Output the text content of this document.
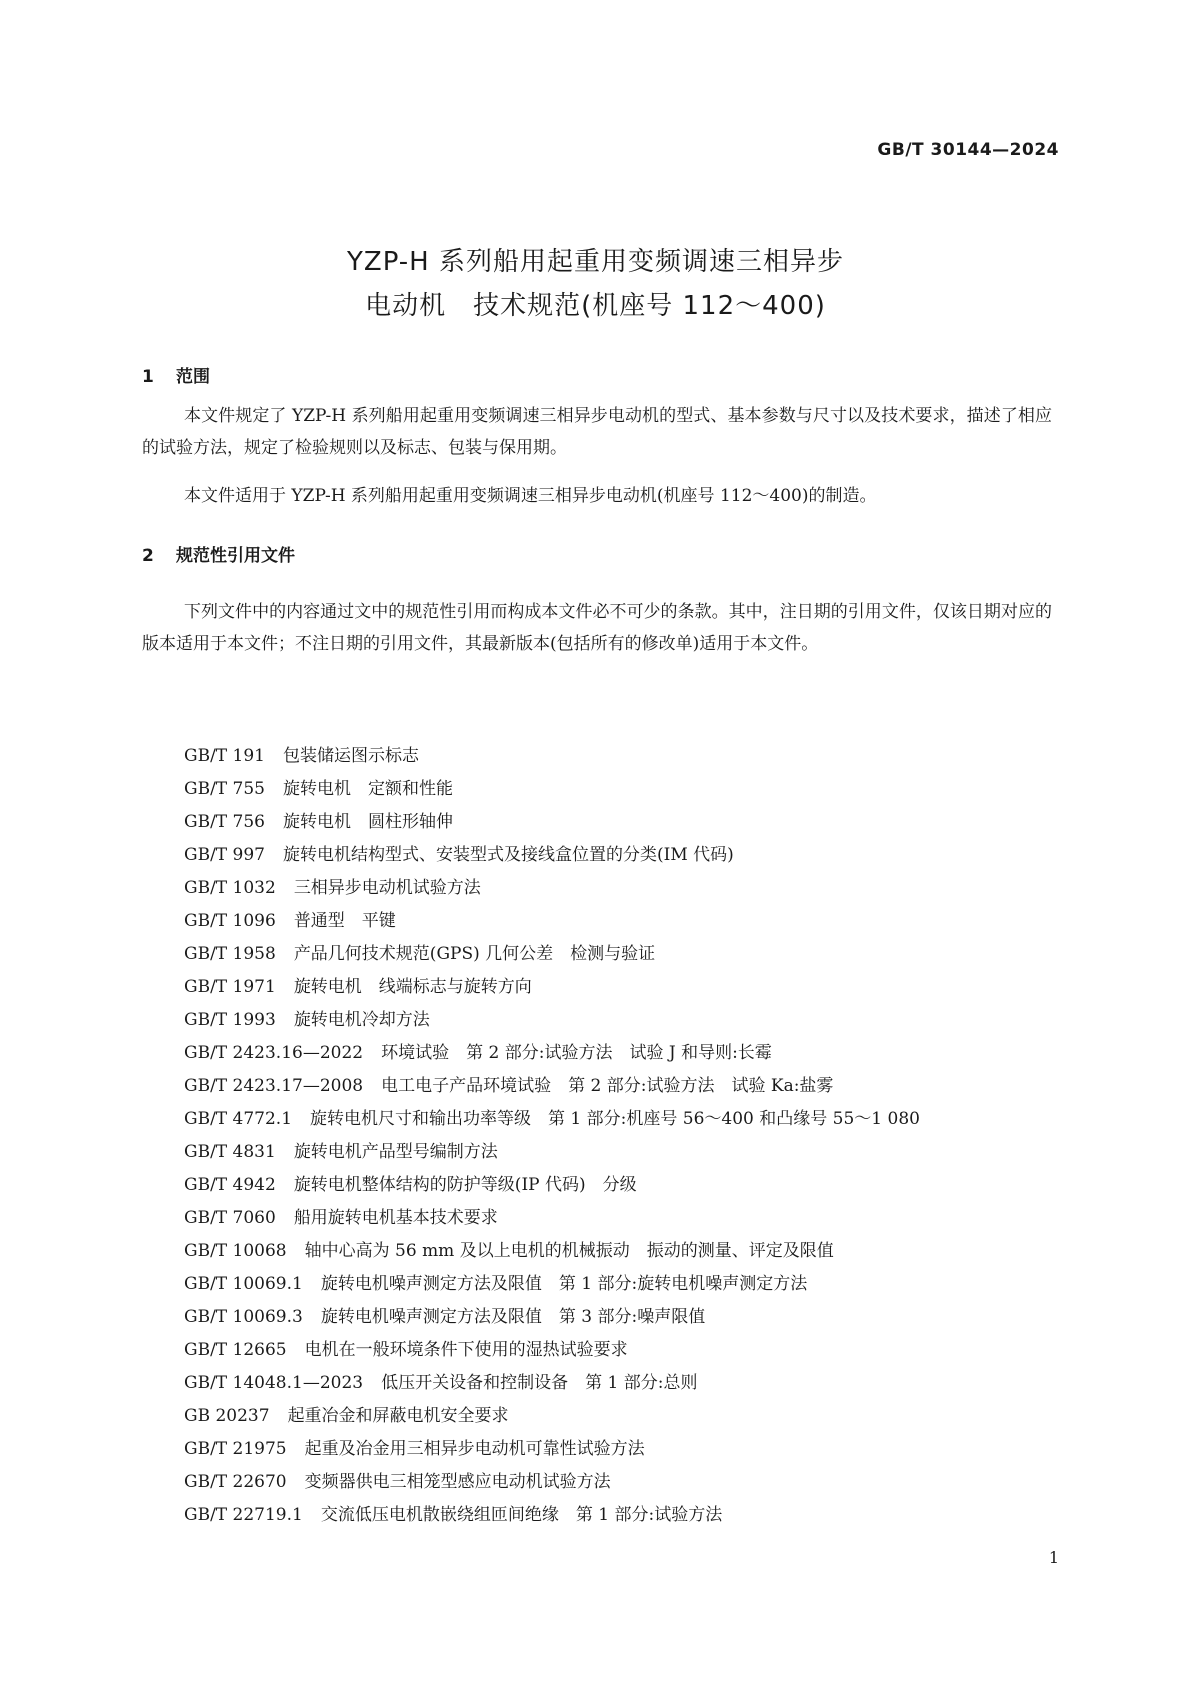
GB/T 30144—2024
YZP-H 系列船用起重用变频调速三相异步
电动机　技术规范(机座号 112～400)
1 范围

本文件规定了 YZP-H 系列船用起重用变频调速三相异步电动机的型式、基本参数与尺寸以及技术要求，描述了相应的试验方法，规定了检验规则以及标志、包装与保用期。

本文件适用于 YZP-H 系列船用起重用变频调速三相异步电动机(机座号 112～400)的制造。

2 规范性引用文件

下列文件中的内容通过文中的规范性引用而构成本文件必不可少的条款。其中，注日期的引用文件，仅该日期对应的版本适用于本文件；不注日期的引用文件，其最新版本(包括所有的修改单)适用于本文件。

GB/T 191 包装储运图示标志
GB/T 755 旋转电机　定额和性能
GB/T 756 旋转电机　圆柱形轴伸
GB/T 997 旋转电机结构型式、安装型式及接线盒位置的分类(IM 代码)
GB/T 1032 三相异步电动机试验方法
GB/T 1096 普通型　平键
GB/T 1958 产品几何技术规范(GPS) 几何公差　检测与验证
GB/T 1971 旋转电机　线端标志与旋转方向
GB/T 1993 旋转电机冷却方法
GB/T 2423.16—2022 环境试验　第 2 部分:试验方法　试验 J 和导则:长霉
GB/T 2423.17—2008 电工电子产品环境试验　第 2 部分:试验方法　试验 Ka:盐雾
GB/T 4772.1 旋转电机尺寸和输出功率等级　第 1 部分:机座号 56～400 和凸缘号 55～1 080
GB/T 4831 旋转电机产品型号编制方法
GB/T 4942 旋转电机整体结构的防护等级(IP 代码)　分级
GB/T 7060 船用旋转电机基本技术要求
GB/T 10068 轴中心高为 56 mm 及以上电机的机械振动　振动的测量、评定及限值
GB/T 10069.1 旋转电机噪声测定方法及限值　第 1 部分:旋转电机噪声测定方法
GB/T 10069.3 旋转电机噪声测定方法及限值　第 3 部分:噪声限值
GB/T 12665 电机在一般环境条件下使用的湿热试验要求
GB/T 14048.1—2023 低压开关设备和控制设备　第 1 部分:总则
GB 20237 起重冶金和屏蔽电机安全要求
GB/T 21975 起重及冶金用三相异步电动机可靠性试验方法
GB/T 22670 变频器供电三相笼型感应电动机试验方法
GB/T 22719.1 交流低压电机散嵌绕组匝间绝缘　第 1 部分:试验方法
1
